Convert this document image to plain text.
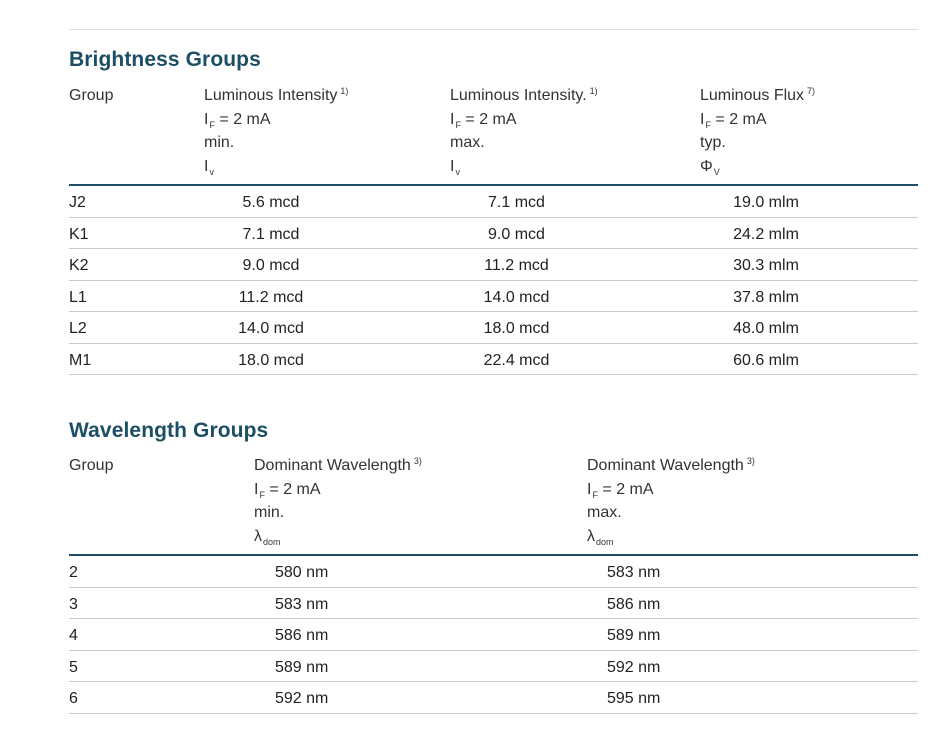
Brightness Groups
Group	Luminous Intensity $^{1)}$
$I_F = 2$ mA
min.
$I_v$
Luminous Intensity. $^{1)}$
$I_F = 2$ mA
max.
$I_v$
Luminous Flux $^{7)}$
$I_F = 2$ mA
typ.
$\Phi_V$
J2	5.6 mcd	7.1 mcd	19.0 mlm
K1	7.1 mcd	9.0 mcd	24.2 mlm
K2	9.0 mcd	11.2 mcd	30.3 mlm
L1	11.2 mcd	14.0 mcd	37.8 mlm
L2	14.0 mcd	18.0 mcd	48.0 mlm
M1	18.0 mcd	22.4 mcd	60.6 mlm
Wavelength Groups
Group	Dominant Wavelength $^{3)}$
$I_F = 2$ mA
min.
$\lambda_{dom}$
Dominant Wavelength $^{3)}$
$I_F = 2$ mA
max.
$\lambda_{dom}$
2	580 nm	583 nm
3	583 nm	586 nm
4	586 nm	589 nm
5	589 nm	592 nm
6	592 nm	595 nm
